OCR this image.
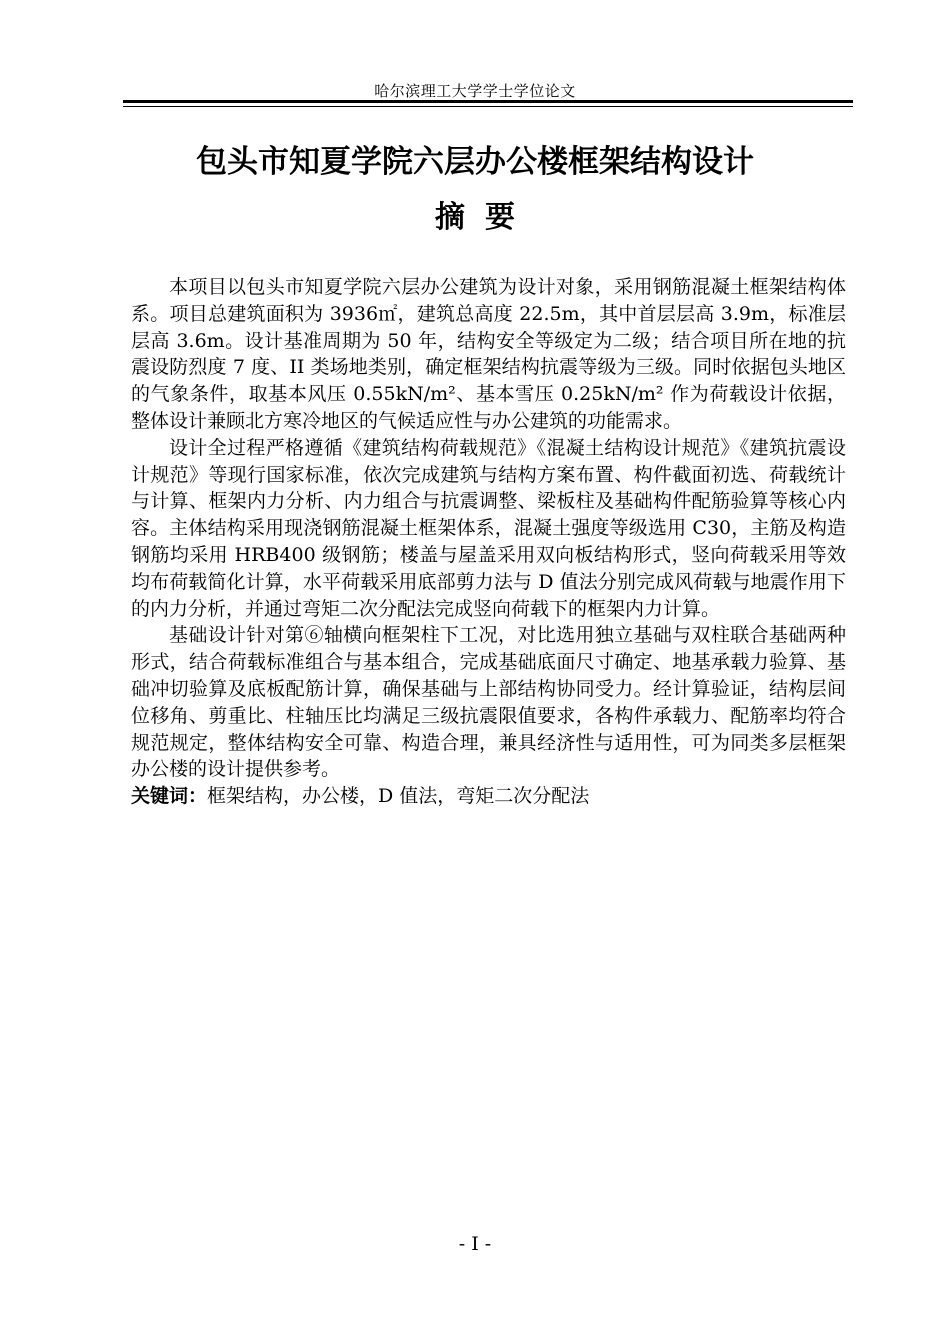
哈尔滨理工大学学士学位论文
包头市知夏学院六层办公楼框架结构设计
摘要

本项目以包头市知夏学院六层办公建筑为设计对象，采用钢筋混凝土框架结构体系。项目总建筑面积为 3936㎡，建筑总高度 22.5m，其中首层层高 3.9m，标准层层高 3.6m。设计基准周期为 50 年，结构安全等级定为二级；结合项目所在地的抗震设防烈度 7 度、II 类场地类别，确定框架结构抗震等级为三级。同时依据包头地区的气象条件，取基本风压 0.55kN/m²、基本雪压 0.25kN/m² 作为荷载设计依据，整体设计兼顾北方寒冷地区的气候适应性与办公建筑的功能需求。

设计全过程严格遵循《建筑结构荷载规范》《混凝土结构设计规范》《建筑抗震设计规范》等现行国家标准，依次完成建筑与结构方案布置、构件截面初选、荷载统计与计算、框架内力分析、内力组合与抗震调整、梁板柱及基础构件配筋验算等核心内容。主体结构采用现浇钢筋混凝土框架体系，混凝土强度等级选用 C30，主筋及构造钢筋均采用 HRB400 级钢筋；楼盖与屋盖采用双向板结构形式，竖向荷载采用等效均布荷载简化计算，水平荷载采用底部剪力法与 D 值法分别完成风荷载与地震作用下的内力分析，并通过弯矩二次分配法完成竖向荷载下的框架内力计算。

基础设计针对第⑥轴横向框架柱下工况，对比选用独立基础与双柱联合基础两种形式，结合荷载标准组合与基本组合，完成基础底面尺寸确定、地基承载力验算、基础冲切验算及底板配筋计算，确保基础与上部结构协同受力。经计算验证，结构层间位移角、剪重比、柱轴压比均满足三级抗震限值要求，各构件承载力、配筋率均符合规范规定，整体结构安全可靠、构造合理，兼具经济性与适用性，可为同类多层框架办公楼的设计提供参考。

关键词：框架结构，办公楼，D 值法，弯矩二次分配法

- I -
